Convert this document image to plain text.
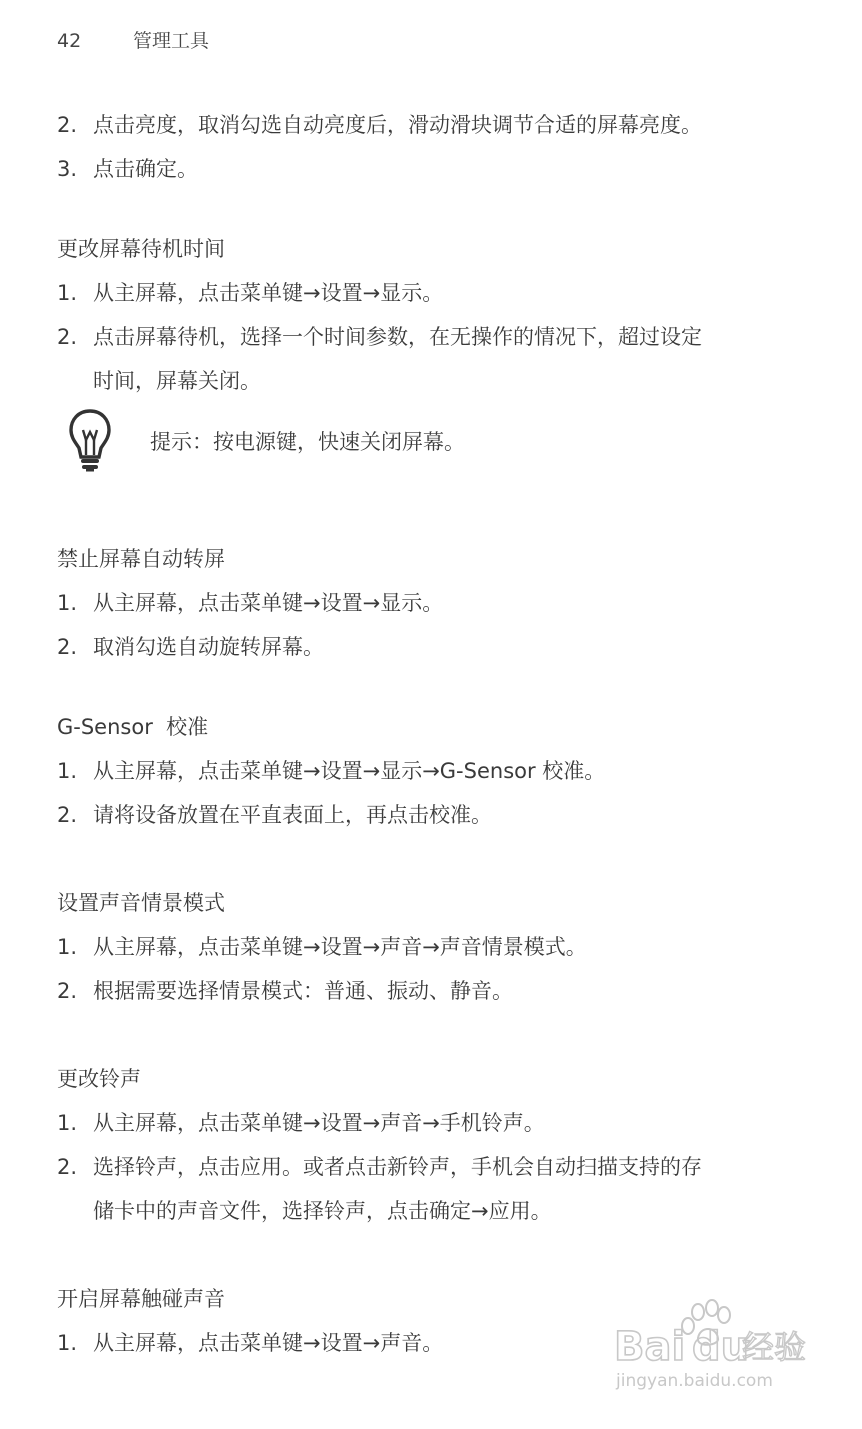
42	管理工具
2. 点击亮度，取消勾选自动亮度后，滑动滑块调节合适的屏幕亮度。
3. 点击确定。
更改屏幕待机时间
1. 从主屏幕，点击菜单键→设置→显示。
2. 点击屏幕待机，选择一个时间参数，在无操作的情况下，超过设定
时间，屏幕关闭。
提示：按电源键，快速关闭屏幕。
禁止屏幕自动转屏
1. 从主屏幕，点击菜单键→设置→显示。
2. 取消勾选自动旋转屏幕。
G-Sensor  校准
1. 从主屏幕，点击菜单键→设置→显示→G-Sensor 校准。
2. 请将设备放置在平直表面上，再点击校准。
设置声音情景模式
1. 从主屏幕，点击菜单键→设置→声音→声音情景模式。
2. 根据需要选择情景模式：普通、振动、静音。
更改铃声
1. 从主屏幕，点击菜单键→设置→声音→手机铃声。
2. 选择铃声，点击应用。或者点击新铃声，手机会自动扫描支持的存
储卡中的声音文件，选择铃声，点击确定→应用。
开启屏幕触碰声音
1. 从主屏幕，点击菜单键→设置→声音。	Bai du
经验
jingyan.baidu.com
